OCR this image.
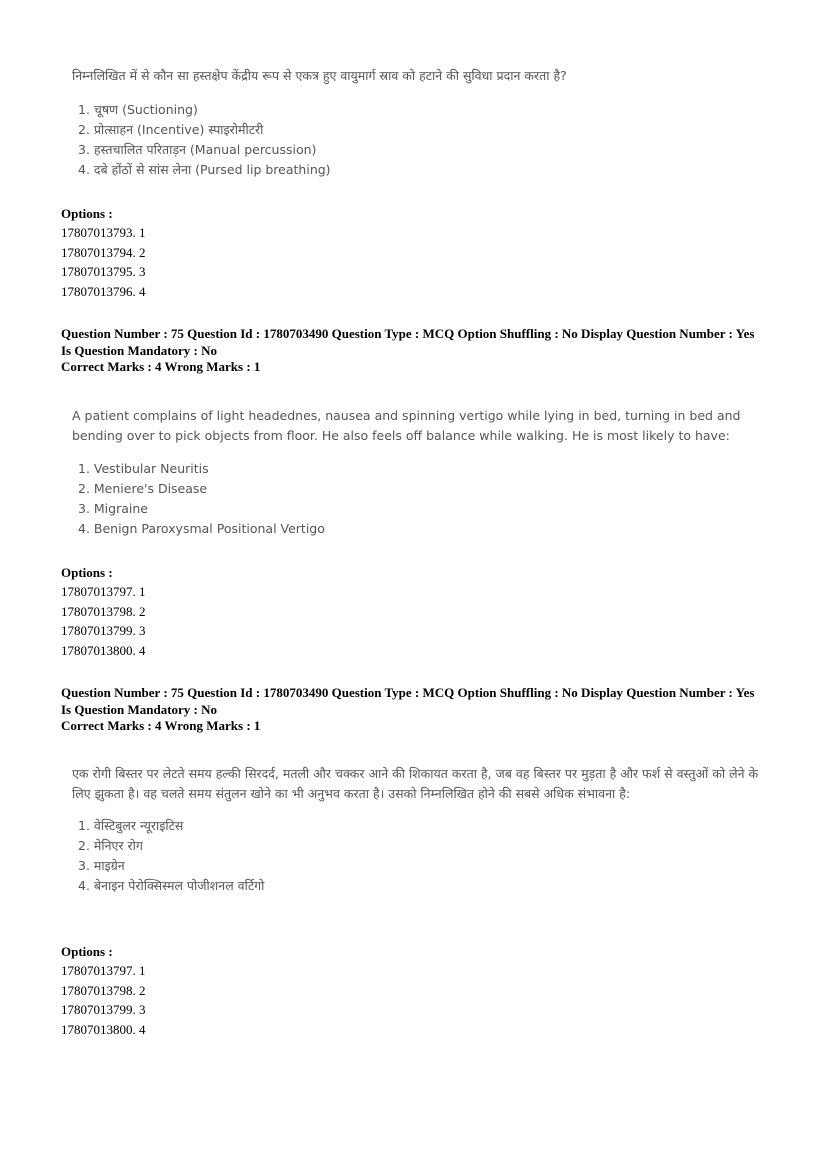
निम्नलिखित में से कौन सा हस्तक्षेप केंद्रीय रूप से एकत्र हुए वायुमार्ग स्राव को हटाने की सुविधा प्रदान करता है?
1. चूषण (Suctioning)
2. प्रोत्साहन (Incentive) स्पाइरोमीटरी
3. हस्तचालित परिताड़न (Manual percussion)
4. दबे होंठों से सांस लेना (Pursed lip breathing)
Options :
17807013793. 1
17807013794. 2
17807013795. 3
17807013796. 4
Question Number : 75 Question Id : 1780703490 Question Type : MCQ Option Shuffling : No Display Question Number : Yes
Is Question Mandatory : No
Correct Marks : 4 Wrong Marks : 1
A patient complains of light headednes, nausea and spinning vertigo while lying in bed, turning in bed and bending over to pick objects from floor. He also feels off balance while walking. He is most likely to have:
1. Vestibular Neuritis
2. Meniere's Disease
3. Migraine
4. Benign Paroxysmal Positional Vertigo
Options :
17807013797. 1
17807013798. 2
17807013799. 3
17807013800. 4
Question Number : 75 Question Id : 1780703490 Question Type : MCQ Option Shuffling : No Display Question Number : Yes
Is Question Mandatory : No
Correct Marks : 4 Wrong Marks : 1
एक रोगी बिस्तर पर लेटते समय हल्की सिरदर्द, मतली और चक्कर आने की शिकायत करता है, जब वह बिस्तर पर मुड़ता है और फर्श से वस्तुओं को लेने के लिए झुकता है। वह चलते समय संतुलन खोने का भी अनुभव करता है। उसको निम्नलिखित होने की सबसे अधिक संभावना है:
1. वेस्टिबुलर न्यूराइटिस
2. मेनिएर रोग
3. माइग्रेन
4. बेनाइन पेरोक्सिस्मल पोजीशनल वर्टिगो
Options :
17807013797. 1
17807013798. 2
17807013799. 3
17807013800. 4
